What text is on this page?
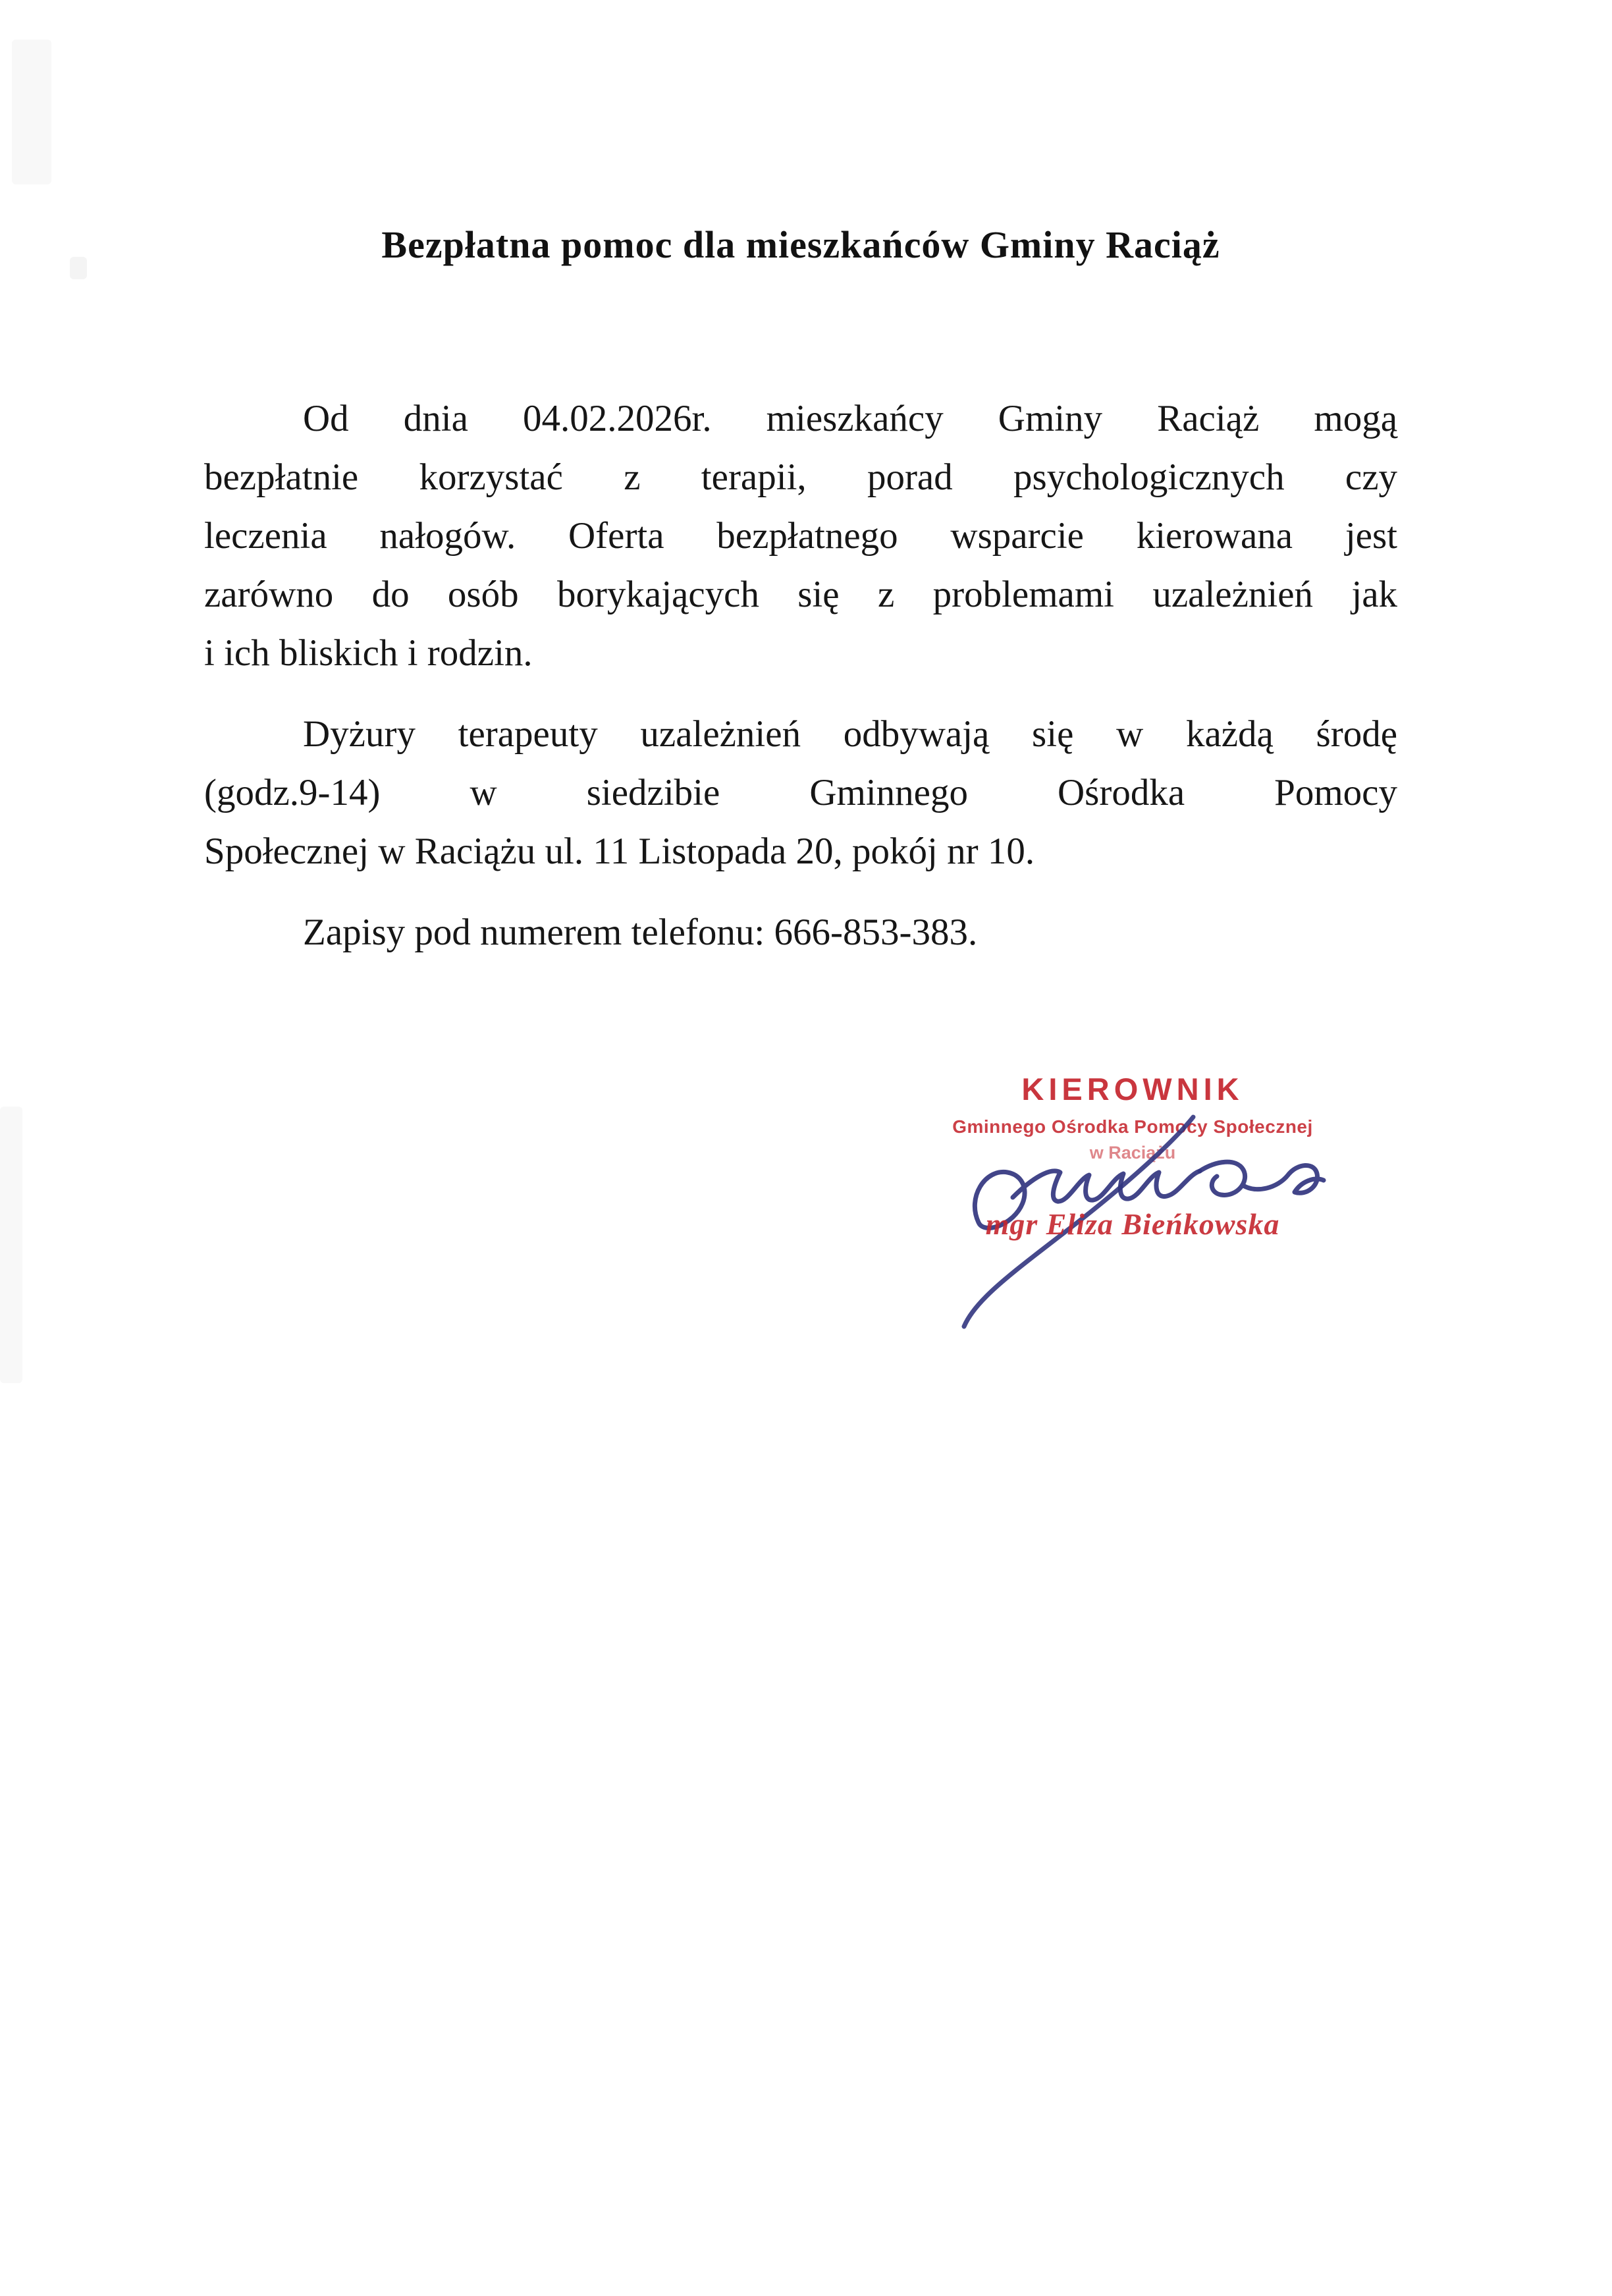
Bezpłatna pomoc dla mieszkańców Gminy Raciąż
Od dnia 04.02.2026r. mieszkańcy Gminy Raciąż mogą
bezpłatnie korzystać z terapii, porad psychologicznych czy
leczenia nałogów. Oferta bezpłatnego wsparcie kierowana jest
zarówno do osób borykających się z problemami uzależnień jak
i ich bliskich i rodzin.
Dyżury terapeuty uzależnień odbywają się w każdą środę
(godz.9-14) w siedzibie Gminnego Ośrodka Pomocy
Społecznej w Raciążu ul. 11 Listopada 20, pokój nr 10.
Zapisy pod numerem telefonu: 666-853-383.
KIEROWNIK
Gminnego Ośrodka Pomocy Społecznej
w Raciążu
mgr Eliza Bieńkowska
